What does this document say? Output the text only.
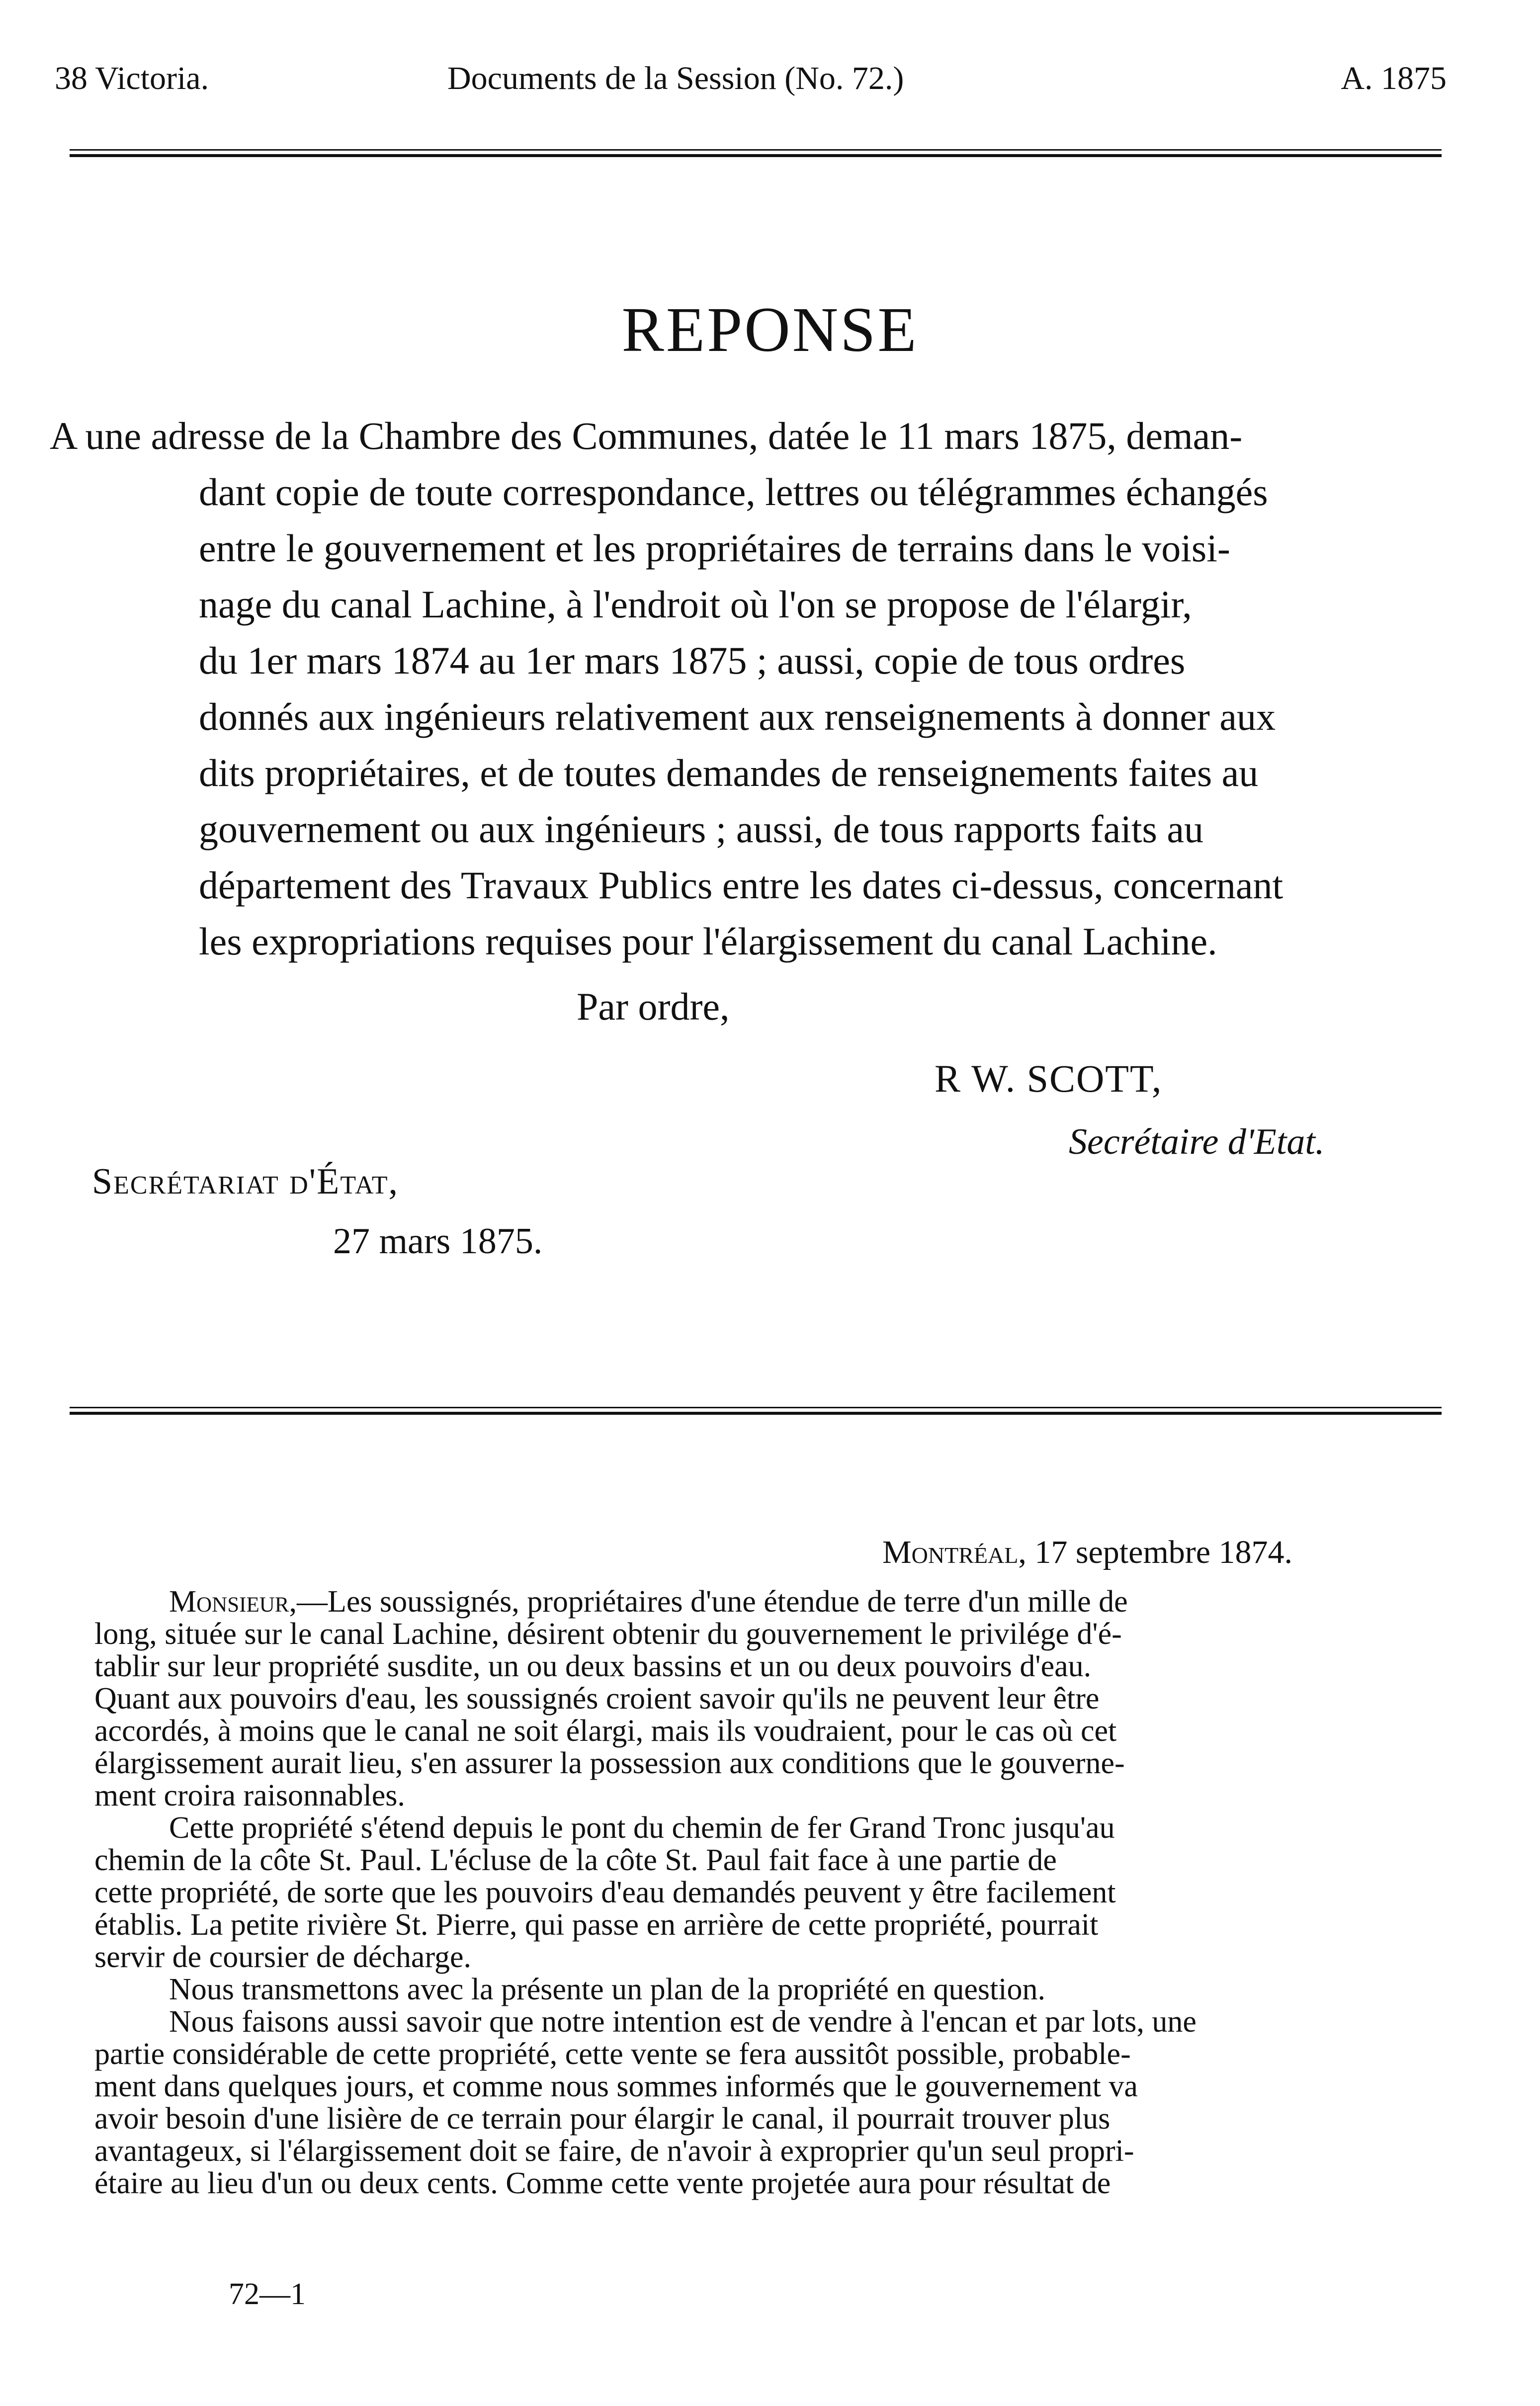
38 Victoria.	Documents de la Session (No. 72.)	A. 1875
REPONSE
A une adresse de la Chambre des Communes, datée le 11 mars 1875, deman-
dant copie de toute correspondance, lettres ou télégrammes échangés
entre le gouvernement et les propriétaires de terrains dans le voisi-
nage du canal Lachine, à l'endroit où l'on se propose de l'élargir,
du 1er mars 1874 au 1er mars 1875 ; aussi, copie de tous ordres
donnés aux ingénieurs relativement aux renseignements à donner aux
dits propriétaires, et de toutes demandes de renseignements faites au
gouvernement ou aux ingénieurs ; aussi, de tous rapports faits au
département des Travaux Publics entre les dates ci-dessus, concernant
les expropriations requises pour l'élargissement du canal Lachine.
Par ordre,
R W. SCOTT,
Secrétaire d'Etat.
Secrétariat d'État,
27 mars 1875.
Montréal, 17 septembre 1874.
Monsieur,—Les soussignés, propriétaires d'une étendue de terre d'un mille de
long, située sur le canal Lachine, désirent obtenir du gouvernement le privilége d'é-
tablir sur leur propriété susdite, un ou deux bassins et un ou deux pouvoirs d'eau.
Quant aux pouvoirs d'eau, les soussignés croient savoir qu'ils ne peuvent leur être
accordés, à moins que le canal ne soit élargi, mais ils voudraient, pour le cas où cet
élargissement aurait lieu, s'en assurer la possession aux conditions que le gouverne-
ment croira raisonnables.
Cette propriété s'étend depuis le pont du chemin de fer Grand Tronc jusqu'au
chemin de la côte St. Paul. L'écluse de la côte St. Paul fait face à une partie de
cette propriété, de sorte que les pouvoirs d'eau demandés peuvent y être facilement
établis. La petite rivière St. Pierre, qui passe en arrière de cette propriété, pourrait
servir de coursier de décharge.
Nous transmettons avec la présente un plan de la propriété en question.
Nous faisons aussi savoir que notre intention est de vendre à l'encan et par lots, une
partie considérable de cette propriété, cette vente se fera aussitôt possible, probable-
ment dans quelques jours, et comme nous sommes informés que le gouvernement va
avoir besoin d'une lisière de ce terrain pour élargir le canal, il pourrait trouver plus
avantageux, si l'élargissement doit se faire, de n'avoir à exproprier qu'un seul propri-
étaire au lieu d'un ou deux cents. Comme cette vente projetée aura pour résultat de
72—1
